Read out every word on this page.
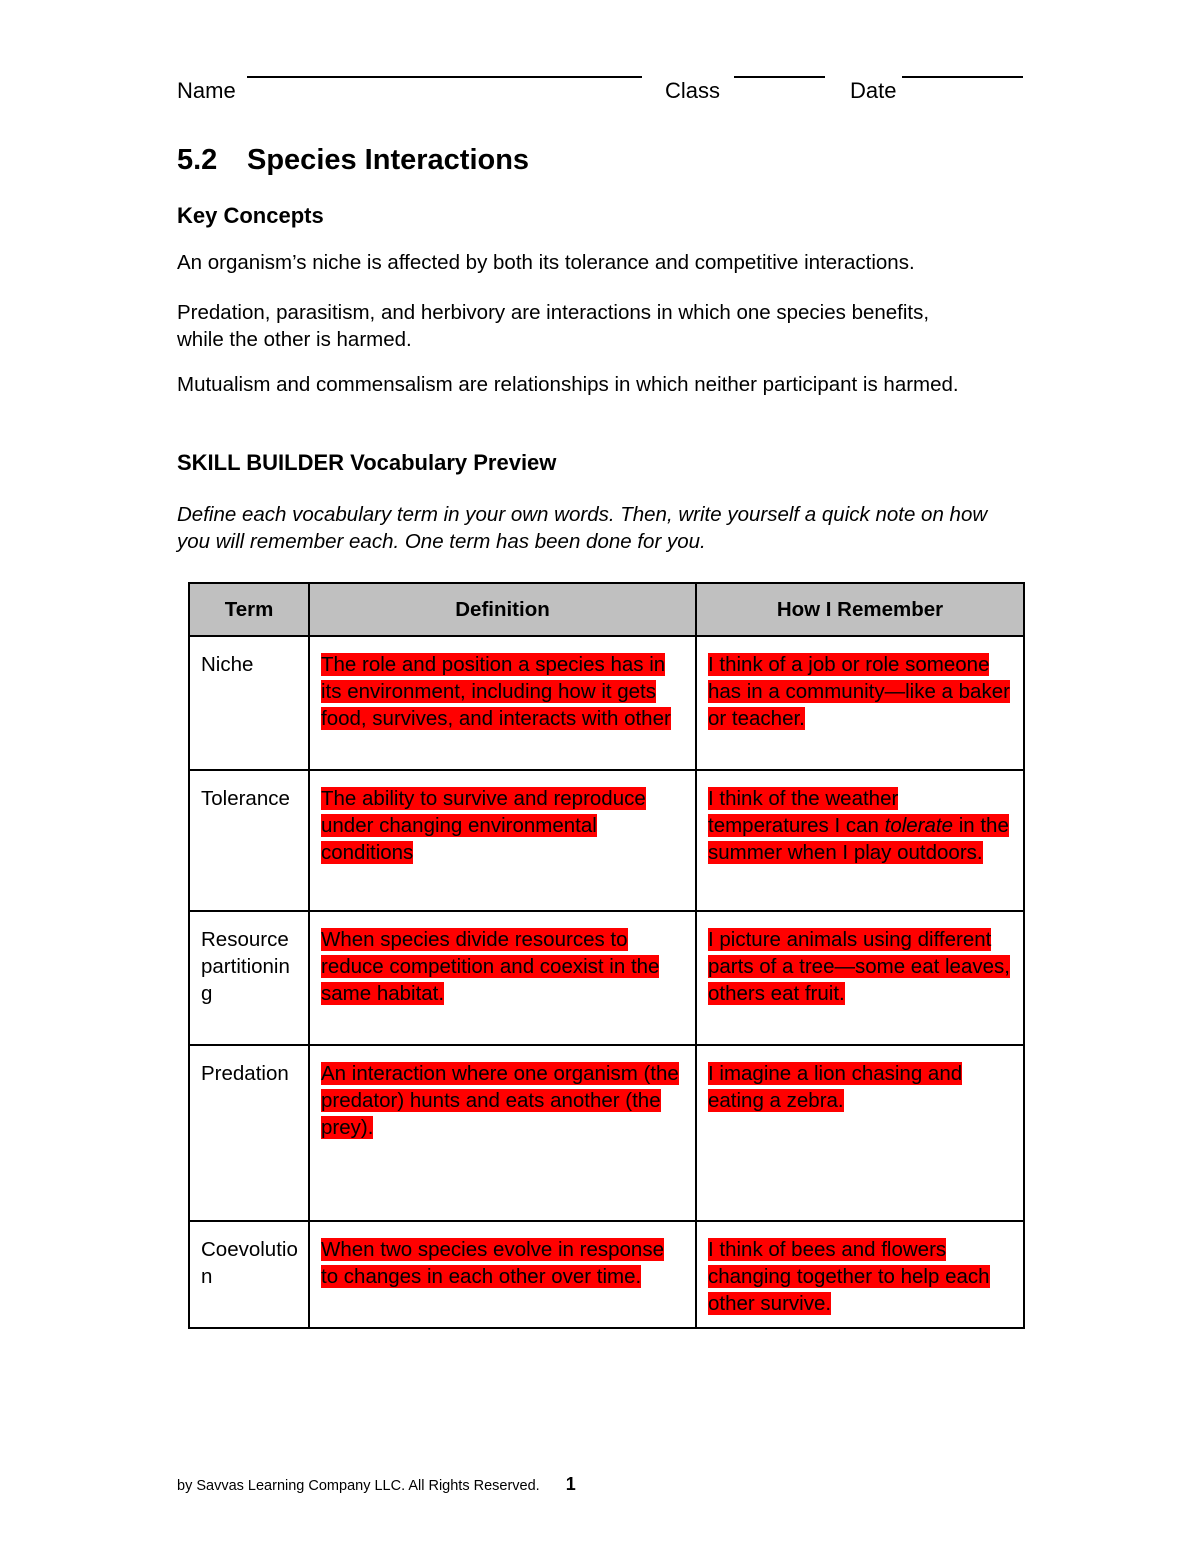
Name	Class	Date
5.2 Species Interactions
Key Concepts

An organism’s niche is affected by both its tolerance and competitive interactions.

Predation, parasitism, and herbivory are interactions in which one species benefits, while the other is harmed.

Mutualism and commensalism are relationships in which neither participant is harmed.

SKILL BUILDER Vocabulary Preview

Define each vocabulary term in your own words. Then, write yourself a quick note on how you will remember each. One term has been done for you.

Term	Definition	How I Remember
Niche	The role and position a species has in its environment, including how it gets food, survives, and interacts with other	I think of a job or role someone has in a community—like a baker or teacher.
Tolerance	The ability to survive and reproduce under changing environmental conditions	I think of the weather temperatures I can tolerate in the summer when I play outdoors.
Resource partitioning	When species divide resources to reduce competition and coexist in the same habitat.	I picture animals using different parts of a tree—some eat leaves, others eat fruit.
Predation	An interaction where one organism (the predator) hunts and eats another (the prey).	I imagine a lion chasing and eating a zebra.
Coevolution	When two species evolve in response to changes in each other over time.	I think of bees and flowers changing together to help each other survive.
by Savvas Learning Company LLC. All Rights Reserved. 1
